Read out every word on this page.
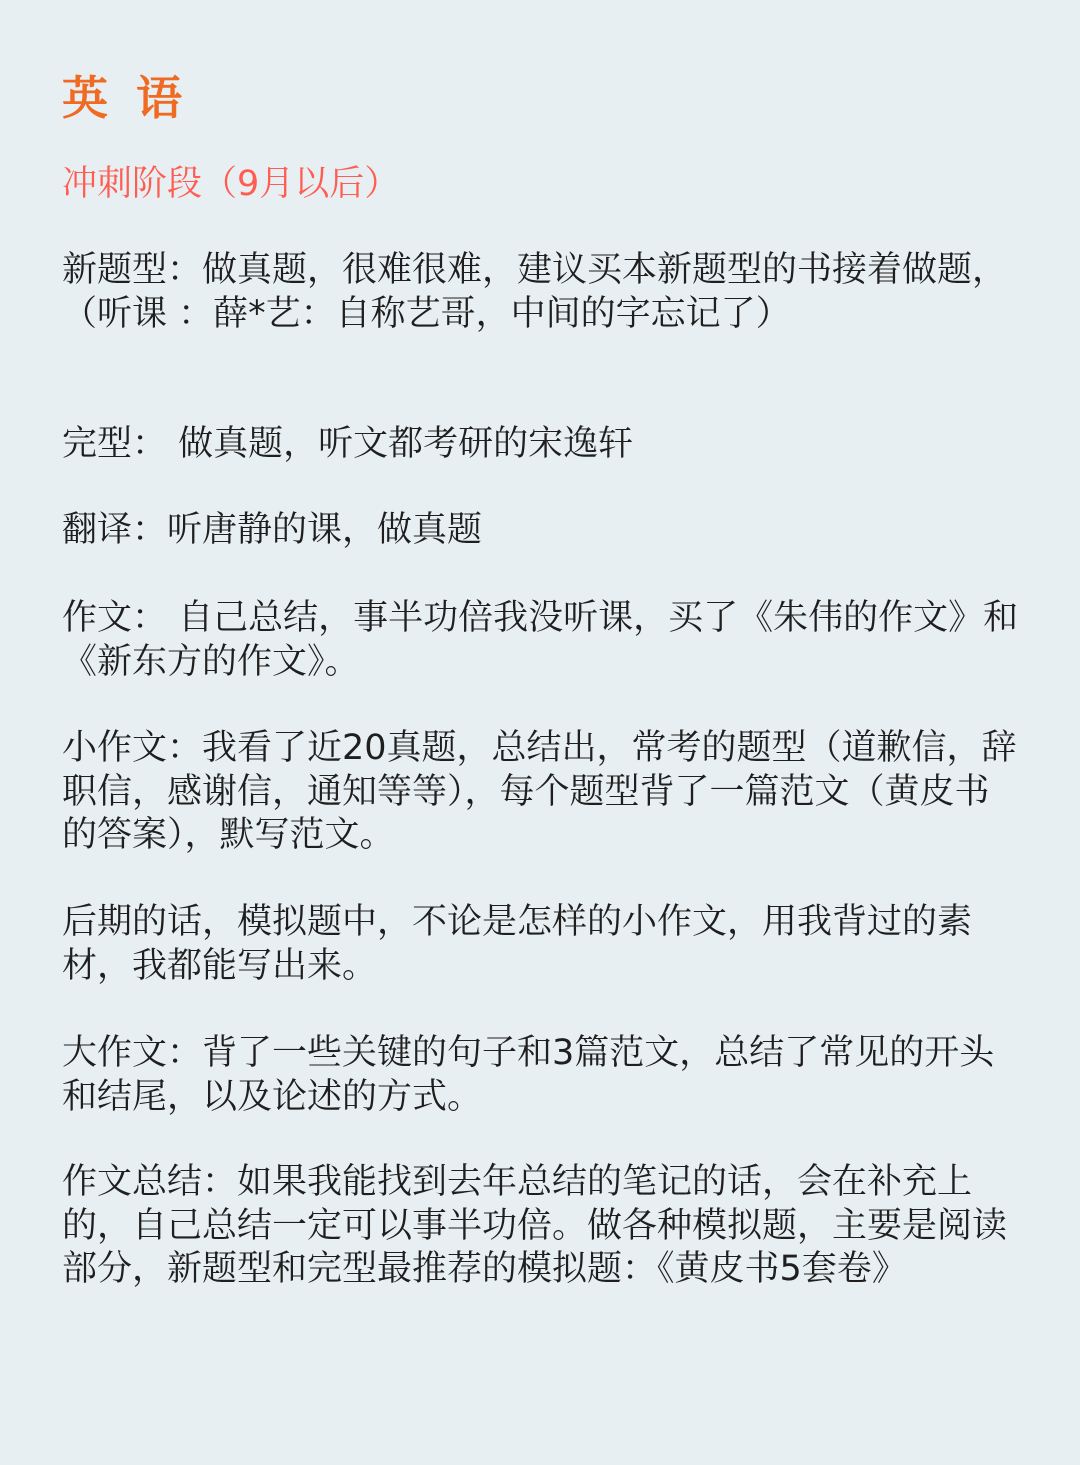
英 语
冲刺阶段（9月以后）

新题型：做真题，很难很难，建议买本新题型的书接着做题，（听课 ：薛*艺：自称艺哥，中间的字忘记了）

完型： 做真题，听文都考研的宋逸轩

翻译：听唐静的课，做真题

作文： 自己总结，事半功倍我没听课，买了《朱伟的作文》和《新东方的作文》。

小作文：我看了近20真题，总结出，常考的题型（道歉信，辞职信，感谢信，通知等等），每个题型背了一篇范文（黄皮书的答案），默写范文。

后期的话，模拟题中，不论是怎样的小作文，用我背过的素材，我都能写出来。

大作文：背了一些关键的句子和3篇范文，总结了常见的开头和结尾，以及论述的方式。

作文总结：如果我能找到去年总结的笔记的话，会在补充上的，自己总结一定可以事半功倍。做各种模拟题，主要是阅读部分，新题型和完型最推荐的模拟题：《黄皮书5套卷》
